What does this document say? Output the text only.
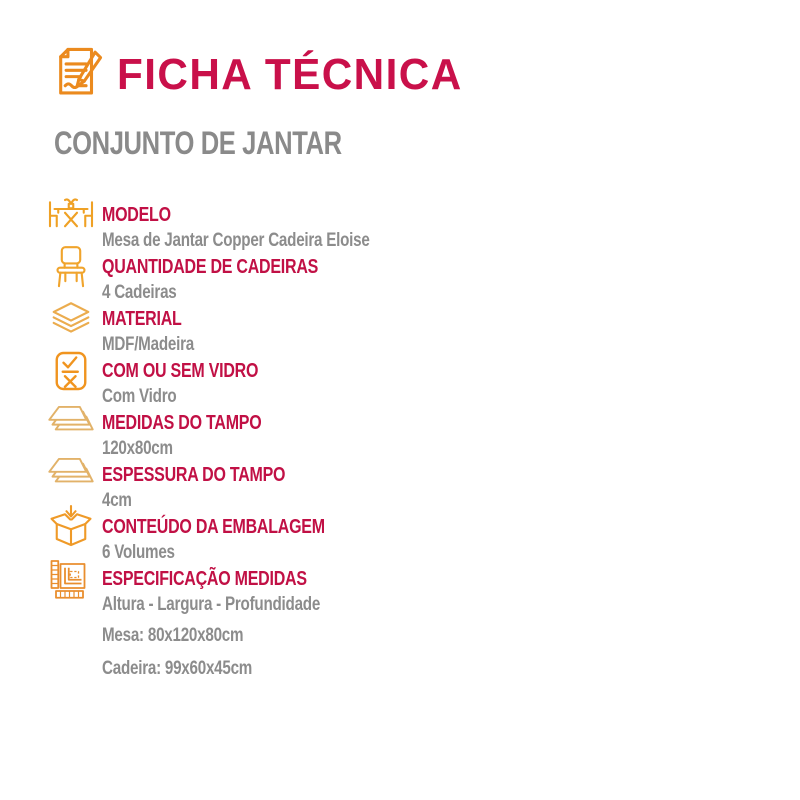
FICHA TÉCNICA
CONJUNTO DE JANTAR
MODELO
Mesa de Jantar Copper Cadeira Eloise
QUANTIDADE DE CADEIRAS
4 Cadeiras
MATERIAL
MDF/Madeira
COM OU SEM VIDRO
Com Vidro
MEDIDAS DO TAMPO
120x80cm
ESPESSURA DO TAMPO
4cm
CONTEÚDO DA EMBALAGEM
6 Volumes
ESPECIFICAÇÃO MEDIDAS
Altura - Largura - Profundidade
Mesa: 80x120x80cm
Cadeira: 99x60x45cm
